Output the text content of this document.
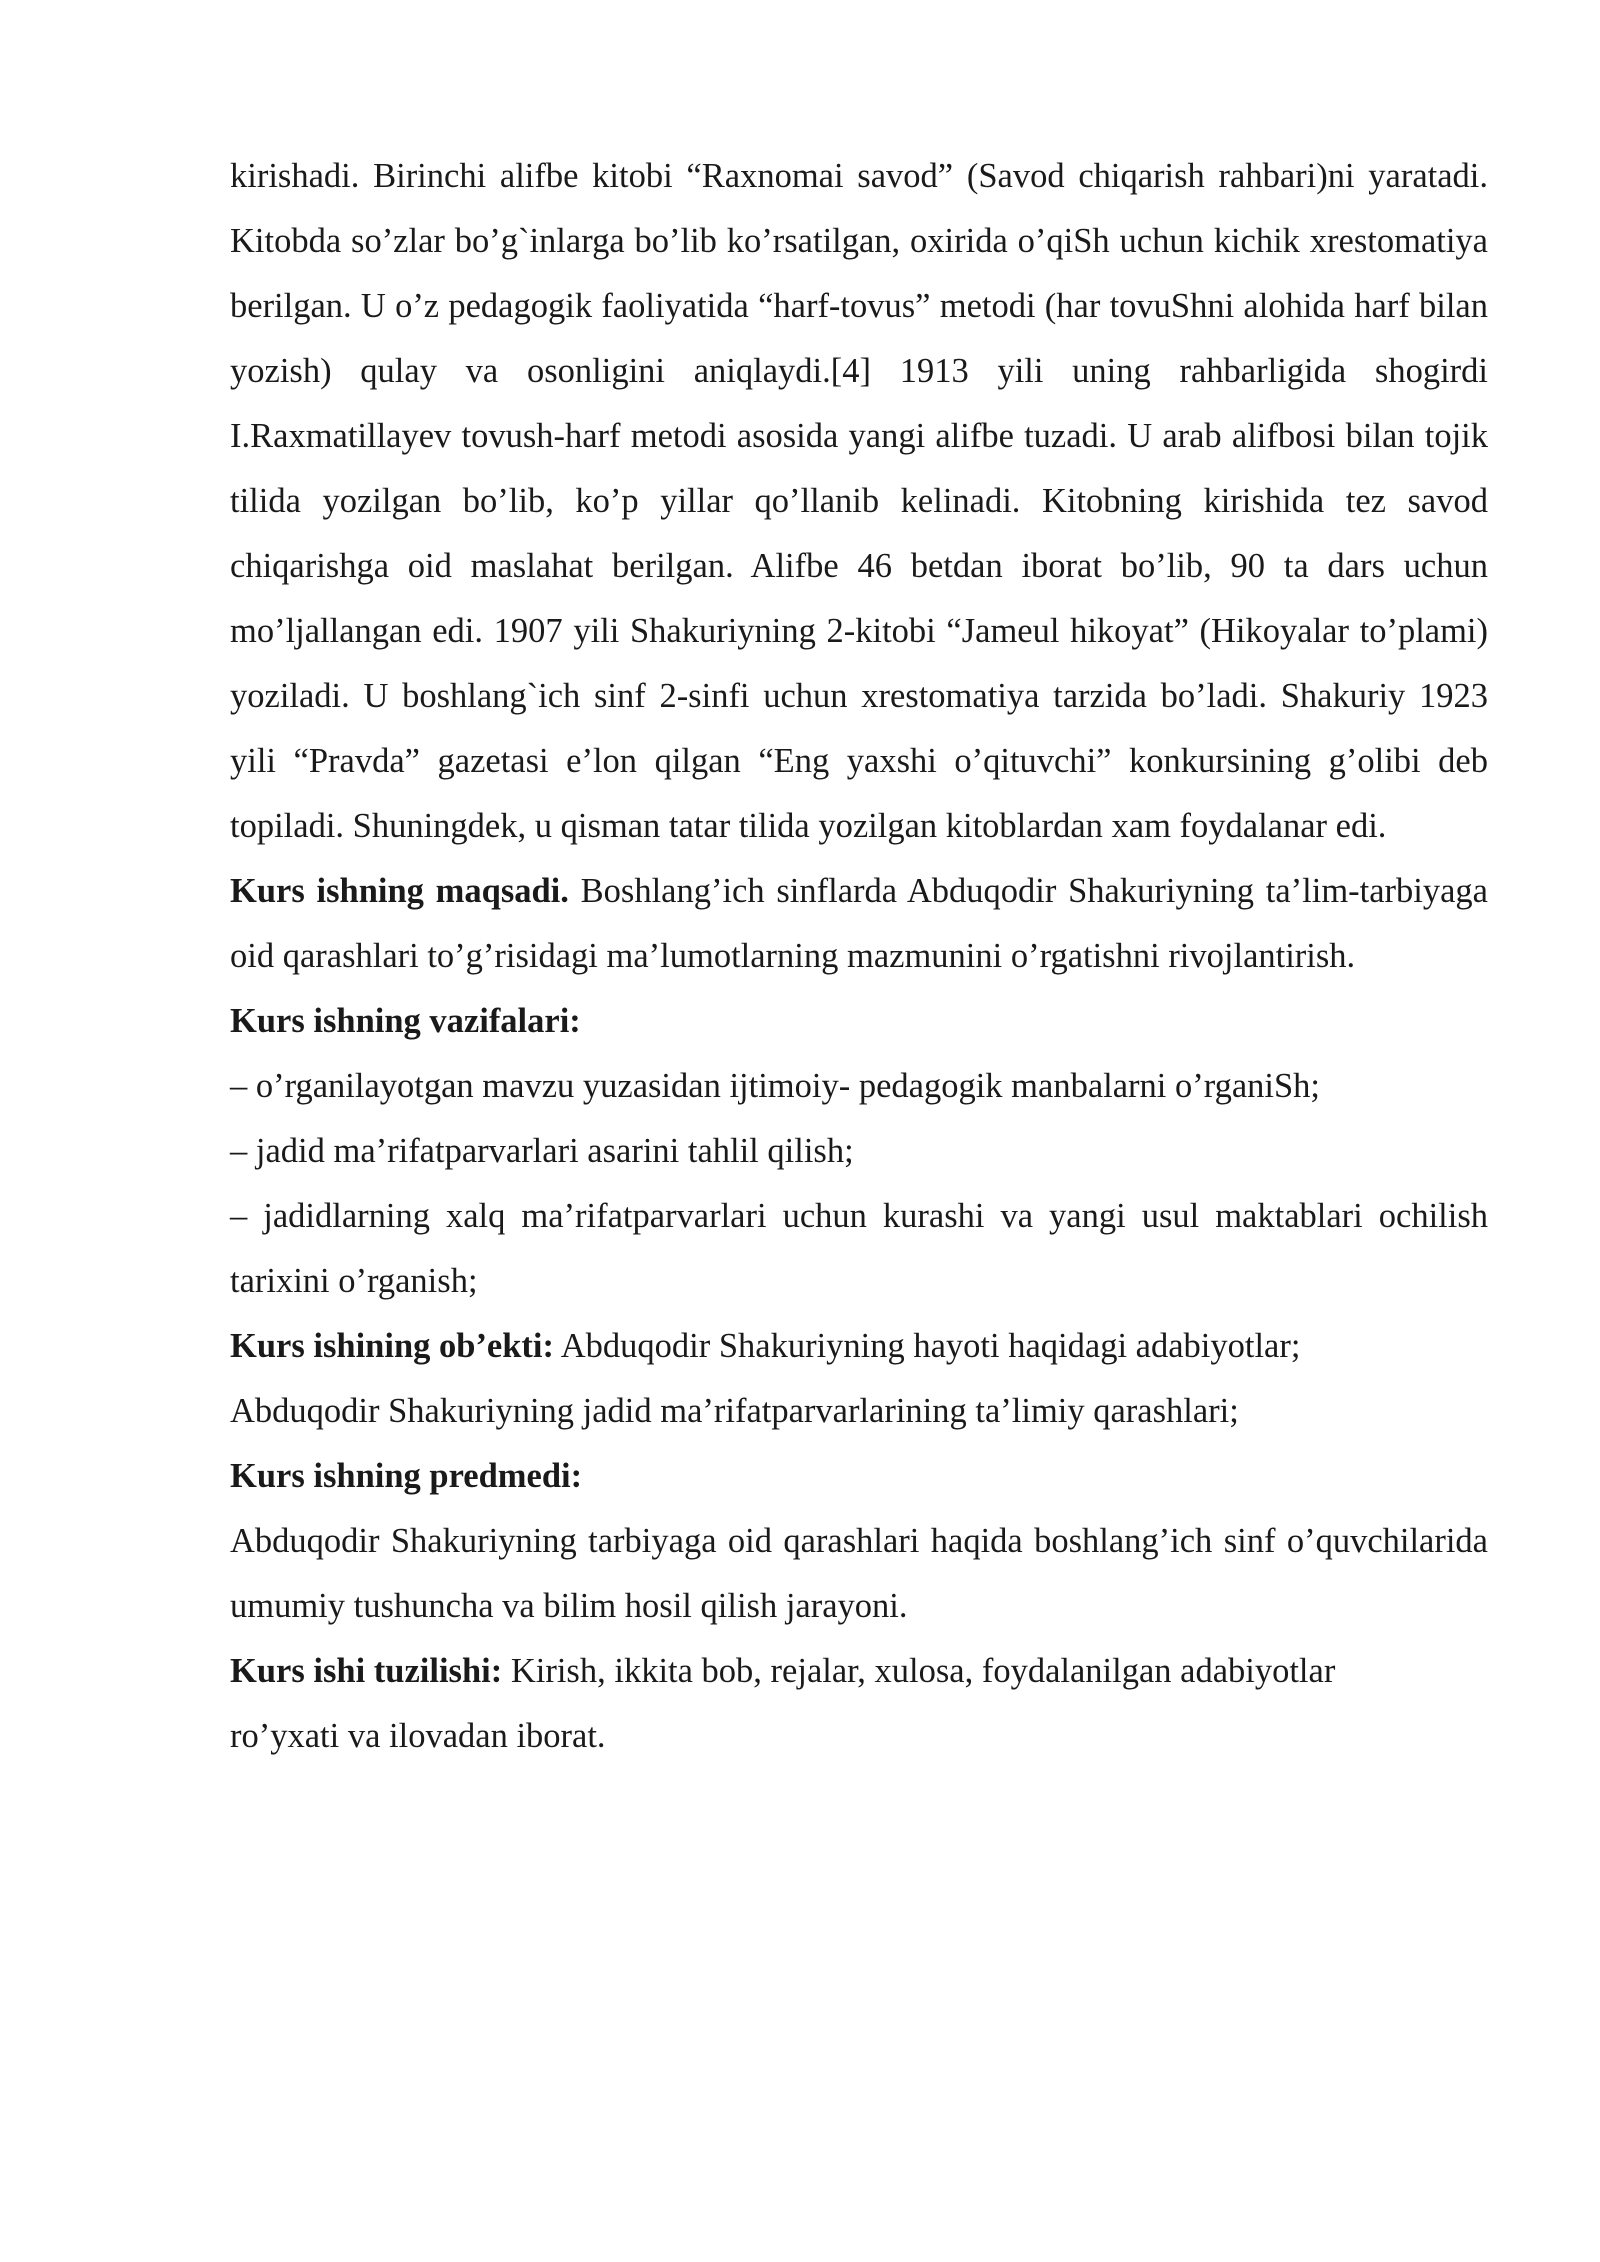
kirishadi. Birinchi alifbe kitobi “Raxnomai savod” (Savod chiqarish rahbari)ni yaratadi. Kitobda so’zlar bo’g`inlarga bo’lib ko’rsatilgan, oxirida o’qiSh uchun kichik xrestomatiya berilgan. U o’z pedagogik faoliyatida “harf-tovus” metodi (har tovuShni alohida harf bilan yozish) qulay va osonligini aniqlaydi.[4] 1913 yili uning rahbarligida shogirdi I.Raxmatillayev tovush-harf metodi asosida yangi alifbe tuzadi. U arab alifbosi bilan tojik tilida yozilgan bo’lib, ko’p yillar qo’llanib kelinadi. Kitobning kirishida tez savod chiqarishga oid maslahat berilgan. Alifbe 46 betdan iborat bo’lib, 90 ta dars uchun mo’ljallangan edi. 1907 yili Shakuriyning 2-kitobi “Jameul hikoyat” (Hikoyalar to’plami) yoziladi. U boshlang`ich sinf 2-sinfi uchun xrestomatiya tarzida bo’ladi. Shakuriy 1923 yili “Pravda” gazetasi e’lon qilgan “Eng yaxshi o’qituvchi” konkursining g’olibi deb topiladi. Shuningdek, u qisman tatar tilida yozilgan kitoblardan xam foydalanar edi.

Kurs ishning maqsadi. Boshlang’ich sinflarda Abduqodir Shakuriyning ta’lim-tarbiyaga oid qarashlari to’g’risidagi ma’lumotlarning mazmunini o’rgatishni rivojlantirish.

Kurs ishning vazifalari:

– o’rganilayotgan mavzu yuzasidan ijtimoiy- pedagogik manbalarni o’rganiSh;

– jadid ma’rifatparvarlari asarini tahlil qilish;

– jadidlarning xalq ma’rifatparvarlari uchun kurashi va yangi usul maktablari ochilish tarixini o’rganish;

Kurs ishining ob’ekti: Abduqodir Shakuriyning hayoti haqidagi adabiyotlar;

Abduqodir Shakuriyning jadid ma’rifatparvarlarining ta’limiy qarashlari;

Kurs ishning predmedi:

Abduqodir Shakuriyning tarbiyaga oid qarashlari haqida boshlang’ich sinf o’quvchilarida umumiy tushuncha va bilim hosil qilish jarayoni.

Kurs ishi tuzilishi: Kirish, ikkita bob, rejalar, xulosa, foydalanilgan adabiyotlar

ro’yxati va ilovadan iborat.
